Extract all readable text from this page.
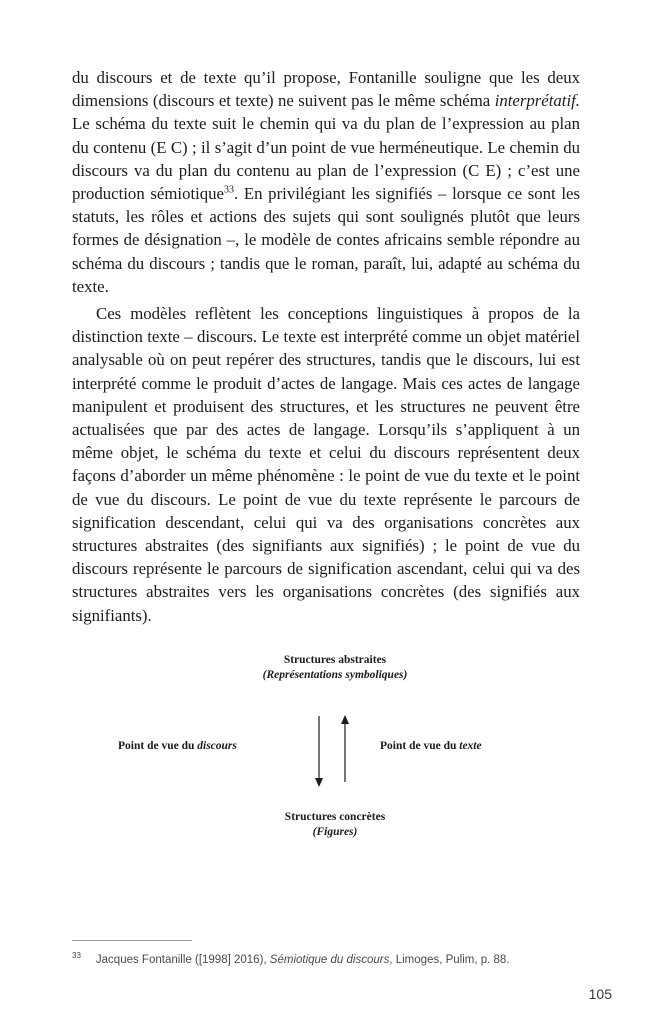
du discours et de texte qu’il propose, Fontanille souligne que les deux dimensions (discours et texte) ne suivent pas le même schéma interprétatif. Le schéma du texte suit le chemin qui va du plan de l’expression au plan du contenu (E C) ; il s’agit d’un point de vue herméneutique. Le chemin du discours va du plan du contenu au plan de l’expression (C E) ; c’est une production sémiotique$^{33}$. En privilégiant les signifiés – lorsque ce sont les statuts, les rôles et actions des sujets qui sont soulignés plutôt que leurs formes de désignation –, le modèle de contes africains semble répondre au schéma du discours ; tandis que le roman, paraît, lui, adapté au schéma du texte.

Ces modèles reflètent les conceptions linguistiques à propos de la distinction texte – discours. Le texte est interprété comme un objet matériel analysable où on peut repérer des structures, tandis que le discours, lui est interprété comme le produit d’actes de langage. Mais ces actes de langage manipulent et produisent des structures, et les structures ne peuvent être actualisées que par des actes de langage. Lorsqu’ils s’appliquent à un même objet, le schéma du texte et celui du discours représentent deux façons d’aborder un même phénomène : le point de vue du texte et le point de vue du discours. Le point de vue du texte représente le parcours de signification descendant, celui qui va des organisations concrètes aux structures abstraites (des signifiants aux signifiés) ; le point de vue du discours représente le parcours de signification ascendant, celui qui va des structures abstraites vers les organisations concrètes (des signifiés aux signifiants).

Structures abstraites
(Représentations symboliques)
Point de vue du discours	Point de vue du texte
Structures concrètes
(Figures)
$^{33}$ Jacques Fontanille ([1998] 2016), Sémiotique du discours, Limoges, Pulim, p. 88.
105
